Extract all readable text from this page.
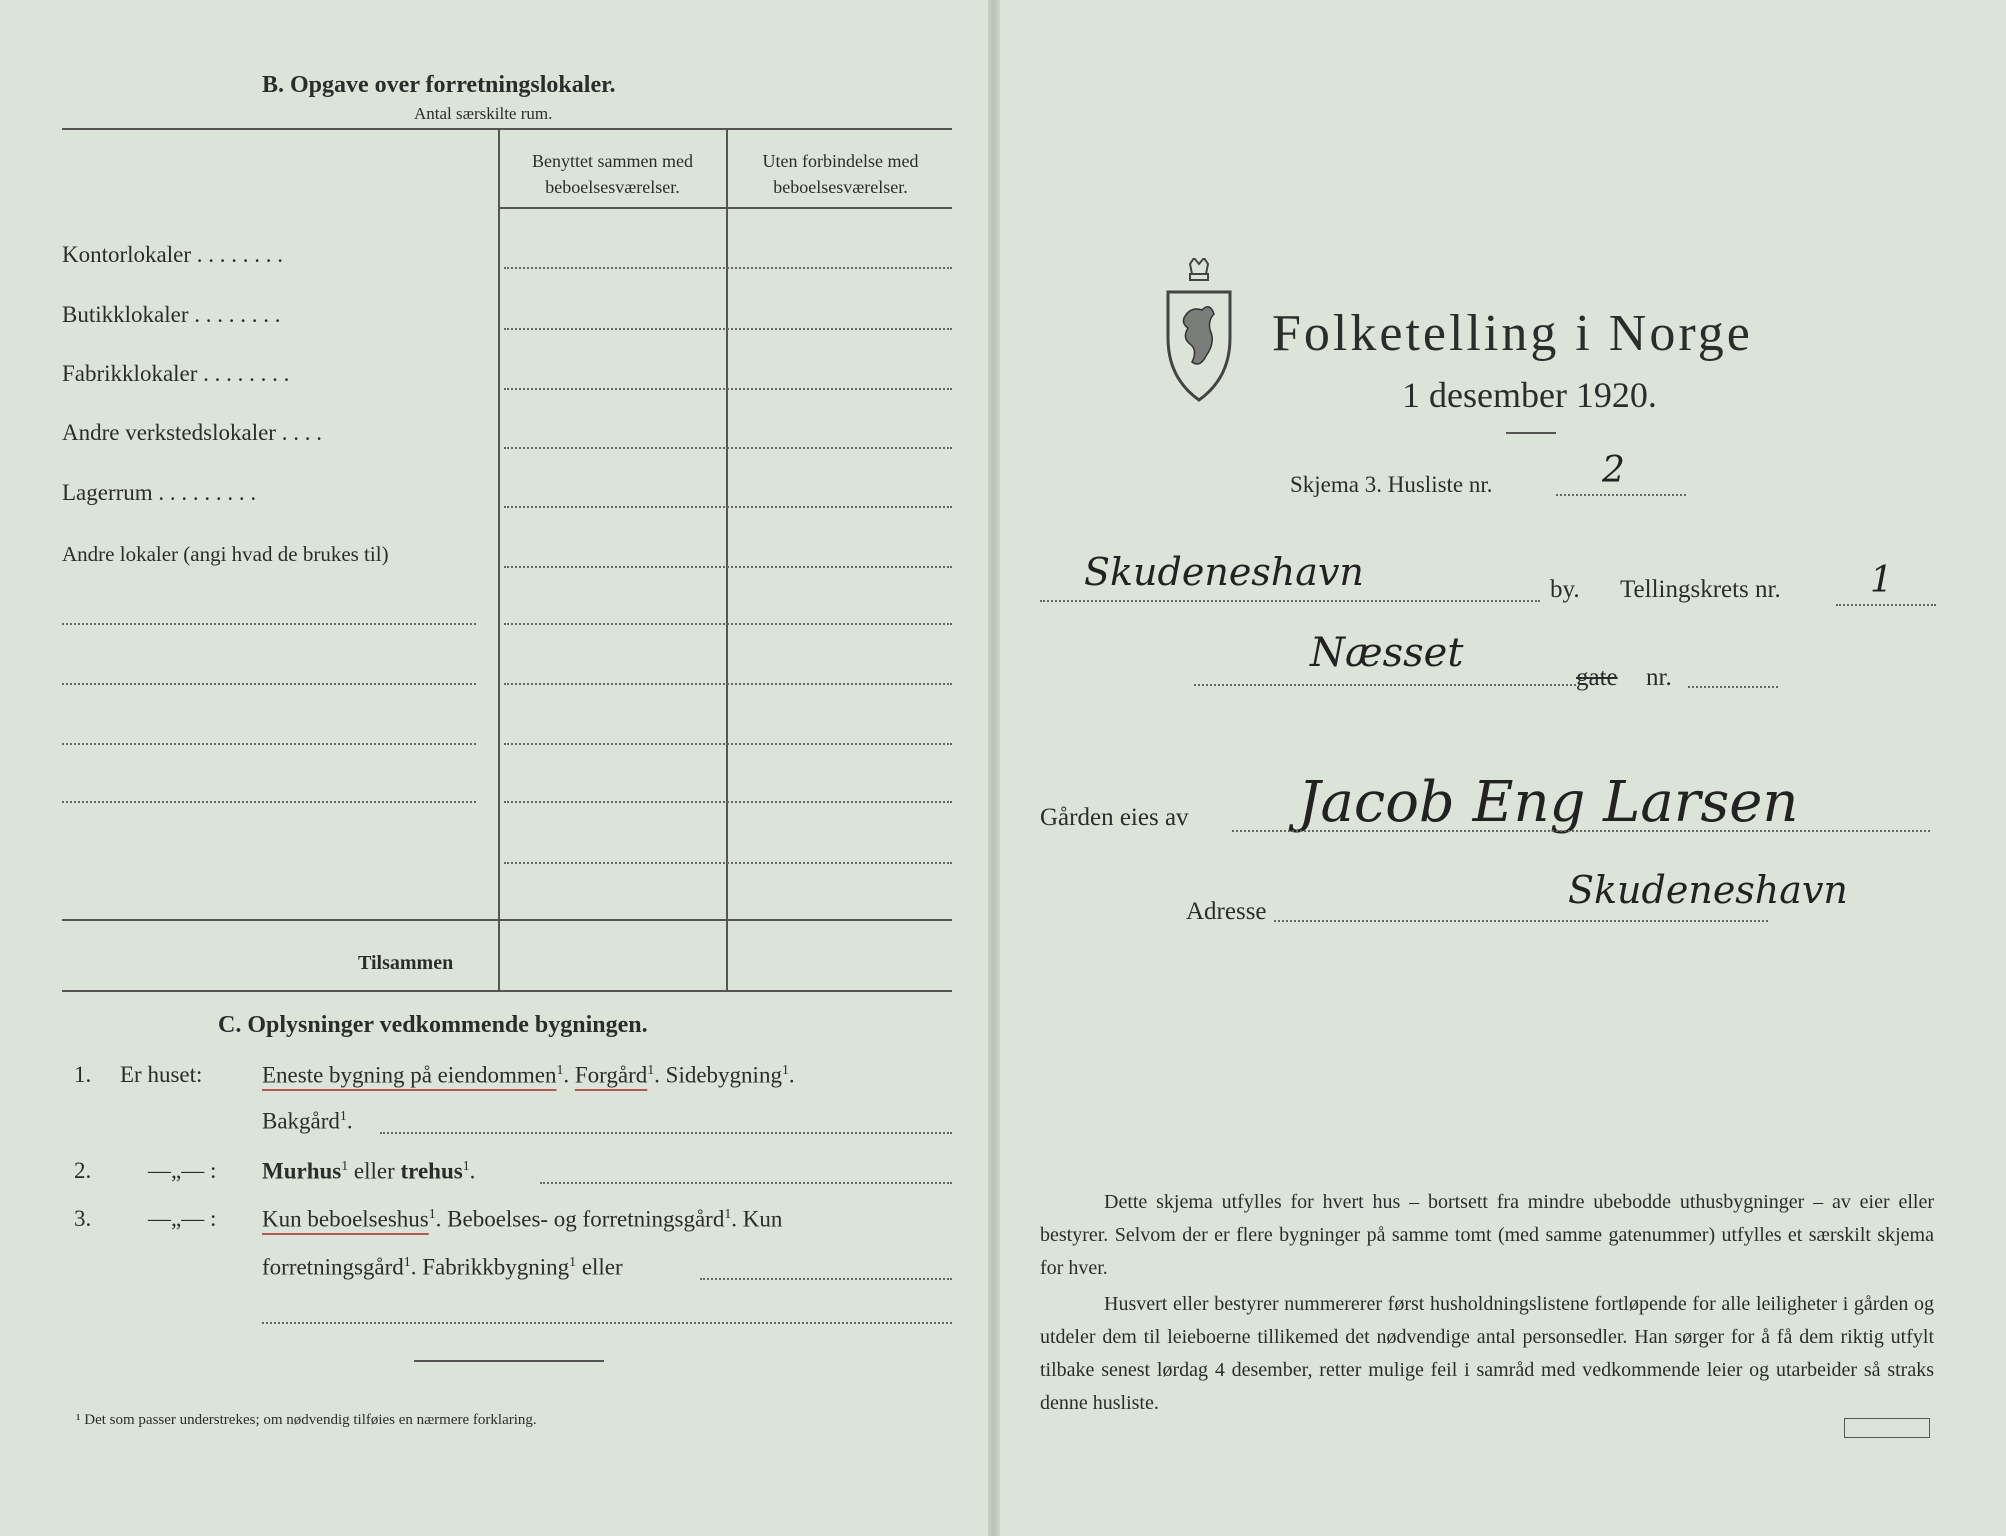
B. Opgave over forretningslokaler.
Antal særskilte rum.
Benyttet sammen med beboelsesværelser.
Uten forbindelse med beboelsesværelser.
Kontorlokaler . . . . . . . .
Butikklokaler . . . . . . . .
Fabrikklokaler . . . . . . . .
Andre verkstedslokaler . . . .
Lagerrum . . . . . . . . .
Andre lokaler (angi hvad de brukes til)
Tilsammen
C. Oplysninger vedkommende bygningen.
1. Er huset:	Eneste bygning på eiendommen$^1$. Forgård$^1$. Sidebygning$^1$.
Bakgård$^1$.
2. —„— : Murhus$^1$ eller trehus$^1$.
3. —„— : Kun beboelseshus$^1$. Beboelses- og forretningsgård$^1$. Kun
forretningsgård$^1$. Fabrikkbygning$^1$ eller
¹ Det som passer understrekes; om nødvendig tilføies en nærmere forklaring.
Folketelling i Norge
1 desember 1920.
Skjema 3. Husliste nr.	2
Skudeneshavn	by. Tellingskrets nr. 1
Næsset
gate nr.
Gården eies av Jacob Eng Larsen
Adresse	Skudeneshavn
Dette skjema utfylles for hvert hus – bortsett fra mindre ubebodde uthusbygninger – av eier eller bestyrer. Selvom der er flere bygninger på samme tomt (med samme gatenummer) utfylles et særskilt skjema for hver.
Husvert eller bestyrer nummererer først husholdningslistene fortløpende for alle leiligheter i gården og utdeler dem til leieboerne tillikemed det nødvendige antal personsedler. Han sørger for å få dem riktig utfylt tilbake senest lørdag 4 desember, retter mulige feil i samråd med vedkommende leier og utarbeider så straks denne husliste.
